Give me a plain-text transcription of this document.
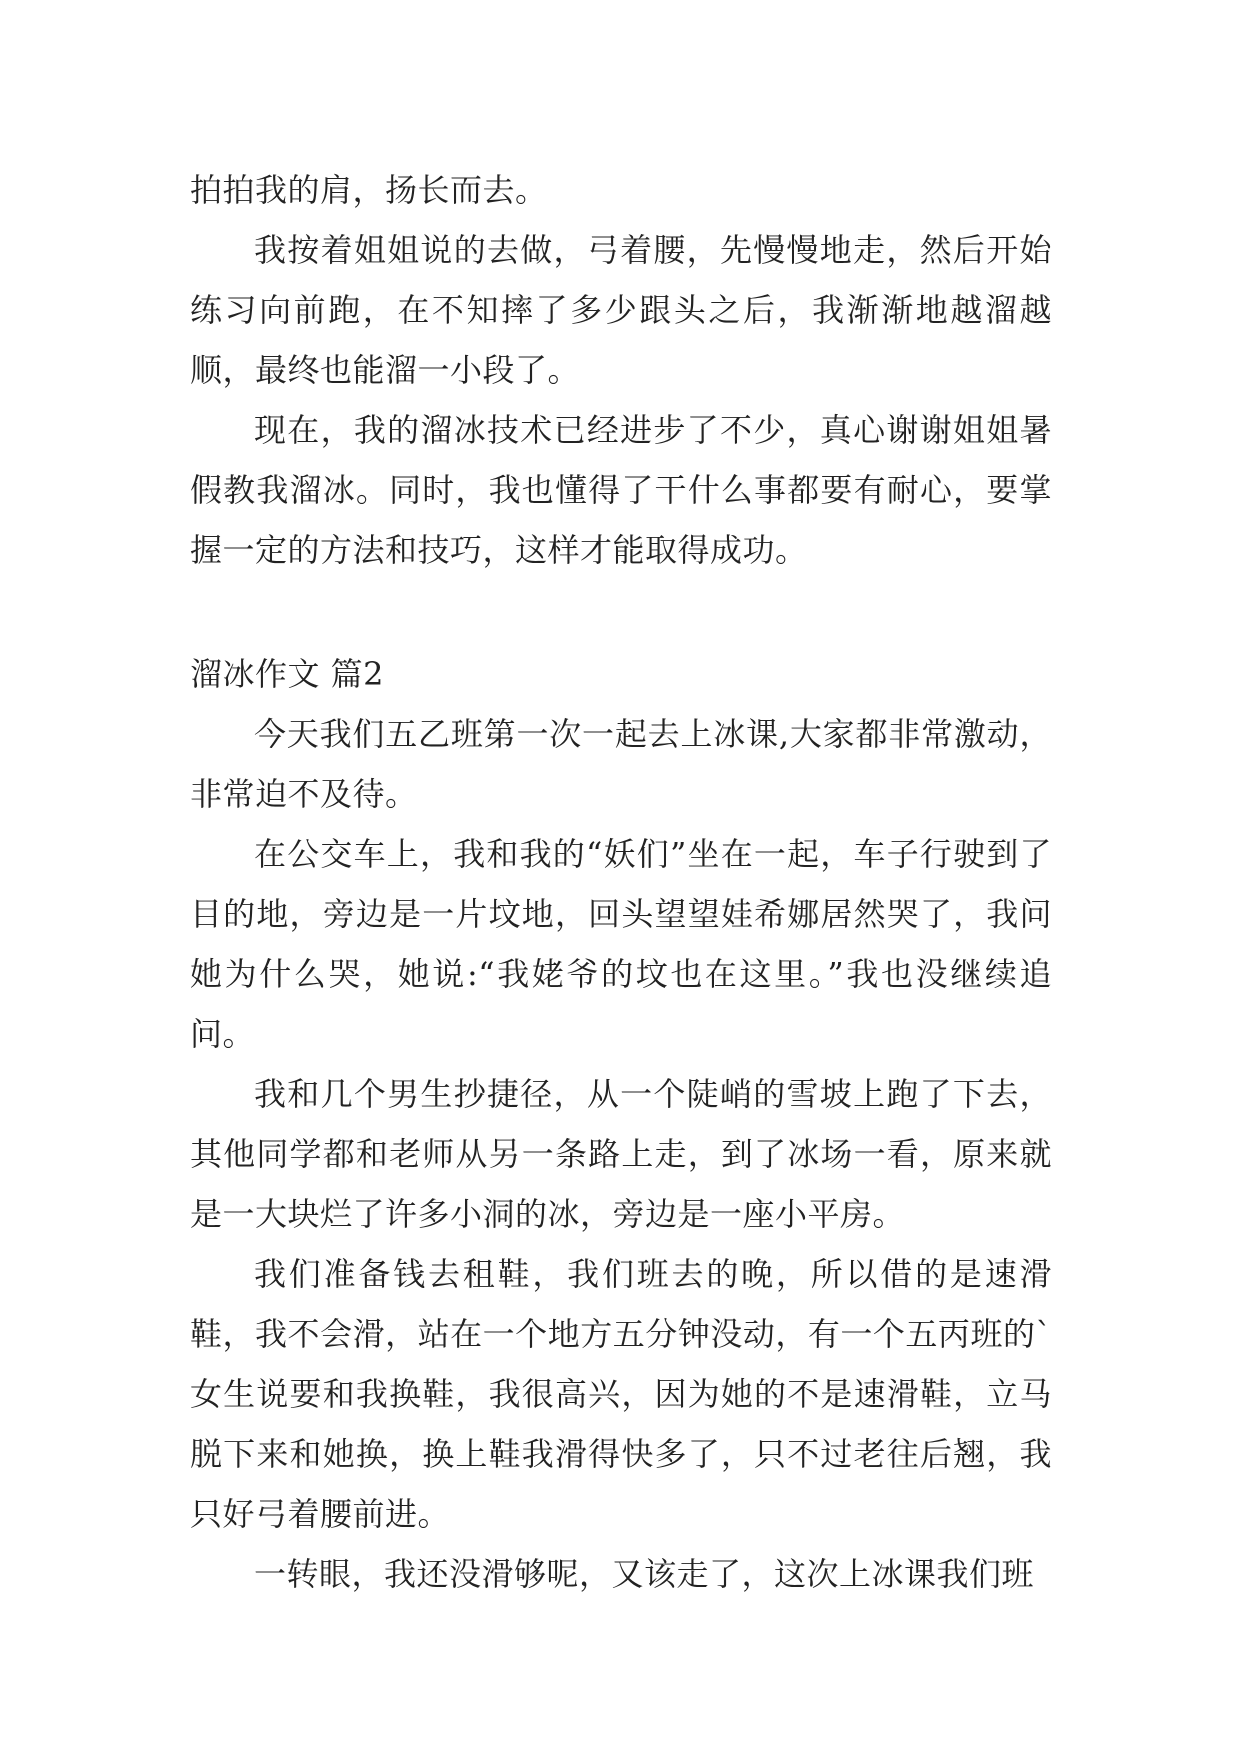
拍拍我的肩，扬长而去。

我按着姐姐说的去做，弓着腰，先慢慢地走，然后开始练习向前跑，在不知摔了多少跟头之后，我渐渐地越溜越顺，最终也能溜一小段了。

现在，我的溜冰技术已经进步了不少，真心谢谢姐姐暑假教我溜冰。同时，我也懂得了干什么事都要有耐心，要掌握一定的方法和技巧，这样才能取得成功。

溜冰作文 篇2

今天我们五乙班第一次一起去上冰课,大家都非常激动，非常迫不及待。

在公交车上，我和我的“妖们”坐在一起，车子行驶到了目的地，旁边是一片坟地，回头望望娃希娜居然哭了，我问她为什么哭，她说:“我姥爷的坟也在这里。”我也没继续追问。

我和几个男生抄捷径，从一个陡峭的雪坡上跑了下去，其他同学都和老师从另一条路上走，到了冰场一看，原来就是一大块烂了许多小洞的冰，旁边是一座小平房。

我们准备钱去租鞋，我们班去的晚，所以借的是速滑鞋，我不会滑，站在一个地方五分钟没动，有一个五丙班的`女生说要和我换鞋，我很高兴，因为她的不是速滑鞋，立马脱下来和她换，换上鞋我滑得快多了，只不过老往后翘，我只好弓着腰前进。

一转眼，我还没滑够呢，又该走了，这次上冰课我们班
